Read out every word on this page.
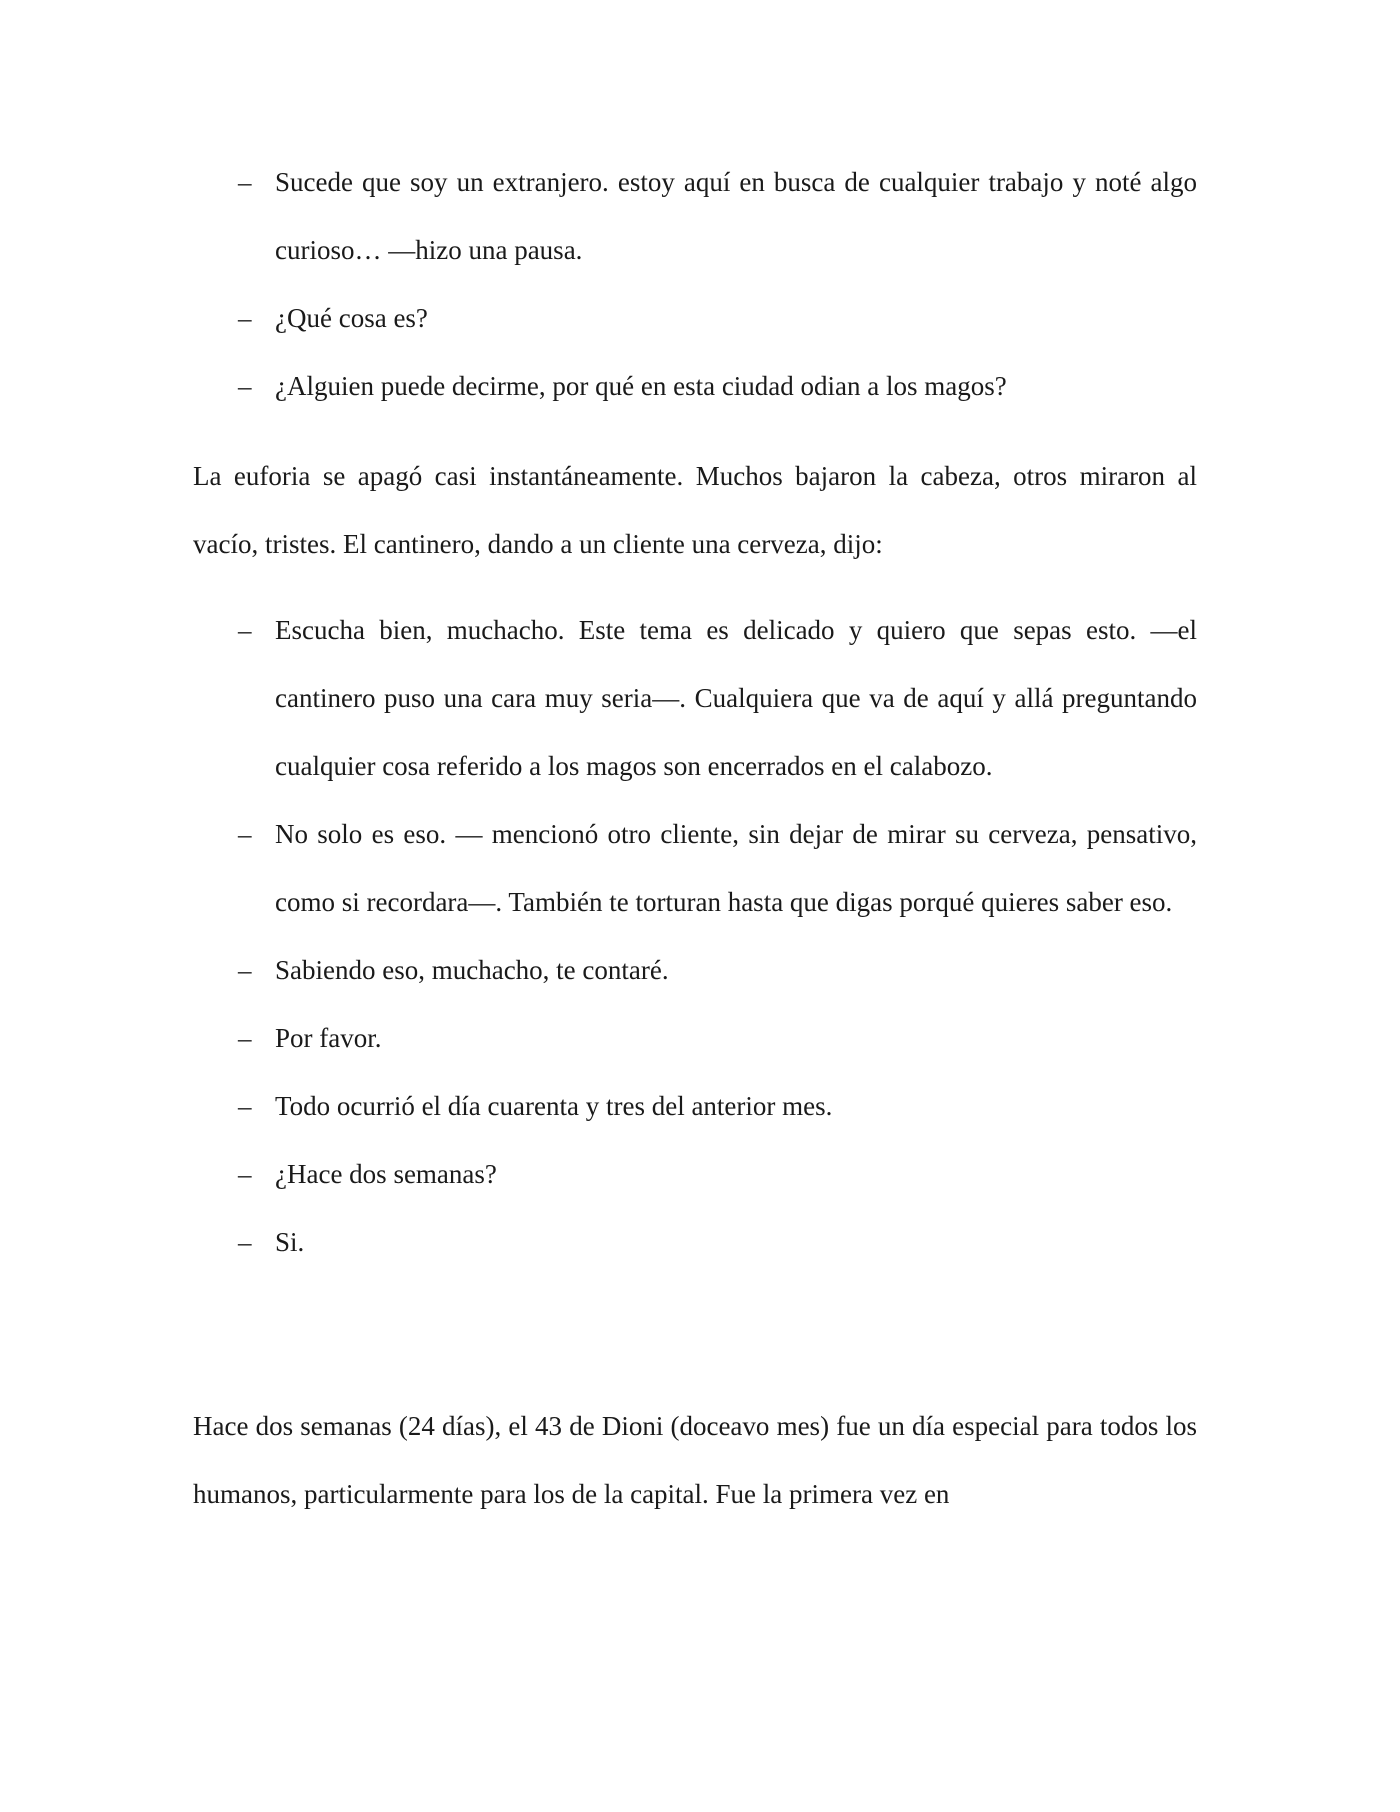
– Sucede que soy un extranjero. estoy aquí en busca de cualquier trabajo y noté algo curioso… —hizo una pausa.
– ¿Qué cosa es?
– ¿Alguien puede decirme, por qué en esta ciudad odian a los magos?
La euforia se apagó casi instantáneamente. Muchos bajaron la cabeza, otros miraron al vacío, tristes. El cantinero, dando a un cliente una cerveza, dijo:
– Escucha bien, muchacho. Este tema es delicado y quiero que sepas esto. —el cantinero puso una cara muy seria—. Cualquiera que va de aquí y allá preguntando cualquier cosa referido a los magos son encerrados en el calabozo.
– No solo es eso. — mencionó otro cliente, sin dejar de mirar su cerveza, pensativo, como si recordara—. También te torturan hasta que digas porqué quieres saber eso.
– Sabiendo eso, muchacho, te contaré.
– Por favor.
– Todo ocurrió el día cuarenta y tres del anterior mes.
– ¿Hace dos semanas?
– Si.
Hace dos semanas (24 días), el 43 de Dioni (doceavo mes) fue un día especial para todos los humanos, particularmente para los de la capital. Fue la primera vez en
